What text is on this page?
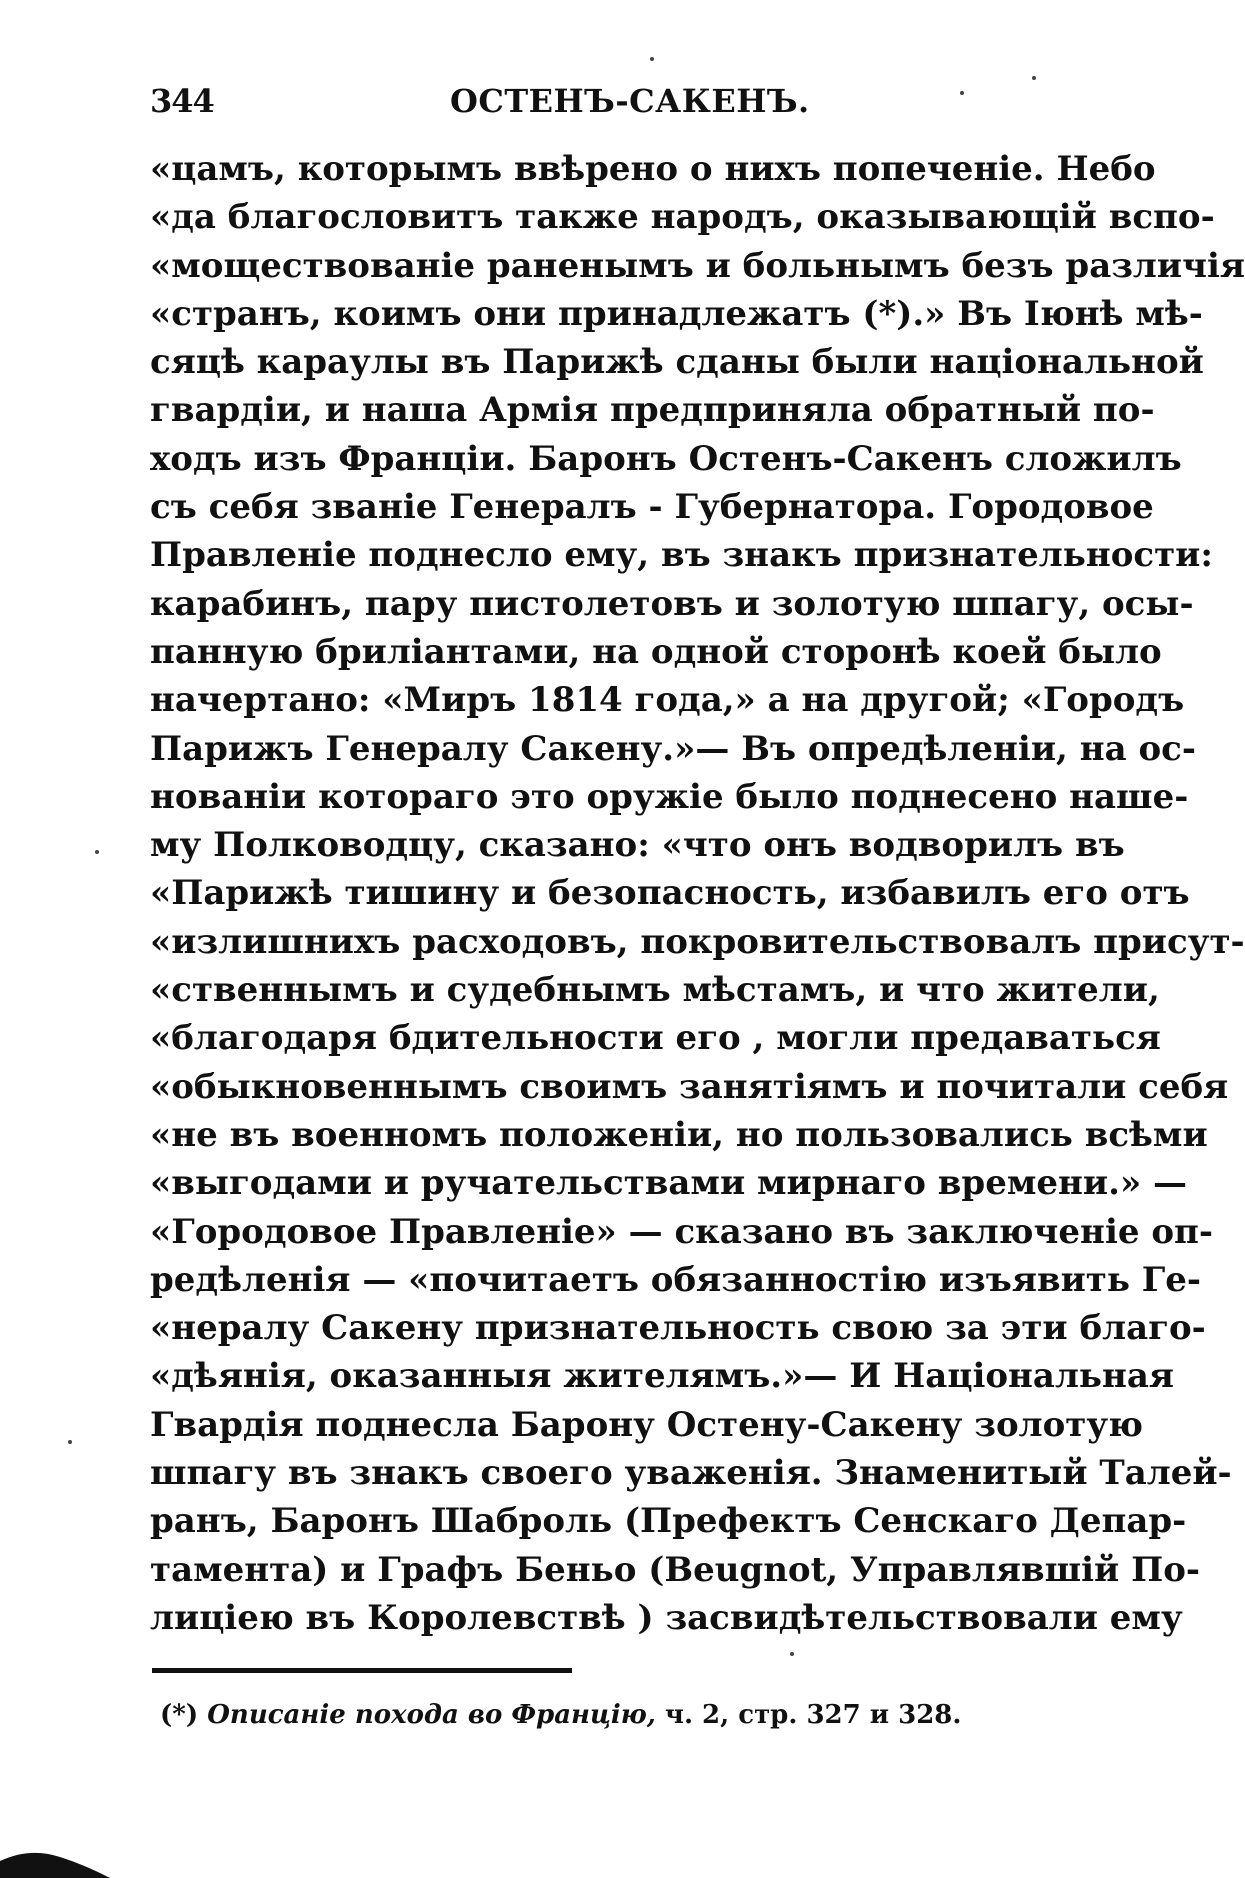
344	ОСТЕНЪ-САКЕНЪ.
«цамъ, которымъ ввѣрено о нихъ попеченіе. Небо
«да благословитъ также народъ, оказывающій вспо-
«моществованіе раненымъ и больнымъ безъ различія
«странъ, коимъ они принадлежатъ (*).» Въ Іюнѣ мѣ-
сяцѣ караулы въ Парижѣ сданы были національной
гвардіи, и наша Армія предприняла обратный по-
ходъ изъ Франціи. Баронъ Остенъ-Сакенъ сложилъ
съ себя званіе Генералъ - Губернатора. Городовое
Правленіе поднесло ему, въ знакъ признательности:
карабинъ, пару пистолетовъ и золотую шпагу, осы-
панную бриліантами, на одной сторонѣ коей было
начертано: «Миръ 1814 года,» а на другой; «Городъ
Парижъ Генералу Сакену.»— Въ опредѣленіи, на ос-
нованіи котораго это оружіе было поднесено нашe-
му Полководцу, сказано: «что онъ водворилъ въ
«Парижѣ тишину и безопасность, избавилъ его отъ
«излишнихъ расходовъ, покровительствовалъ присут-
«ственнымъ и судебнымъ мѣстамъ, и что жители,
«благодаря бдительности его , могли предаваться
«обыкновеннымъ своимъ занятіямъ и почитали себя
«не въ военномъ положеніи, но пользовались всѣми
«выгодами и ручательствами мирнаго времени.» —
«Городовое Правленіе» — сказано въ заключеніе оп-
редѣленія — «почитаетъ обязанностію изъявить Ге-
«нералу Сакену признательность свою за эти благо-
«дѣянія, оказанныя жителямъ.»— И Національная
Гвардія поднесла Барону Остену-Сакену золотую
шпагу въ знакъ своего уваженія. Знаменитый Талей-
ранъ, Баронъ Шаброль (Префектъ Сенскаго Депар-
тамента) и Графъ Беньо (Beugnot, Управлявшій По-
лиціею въ Королевствѣ ) засвидѣтельствовали ему
(*) Описаніе похода во Францію, ч. 2, стр. 327 и 328.
